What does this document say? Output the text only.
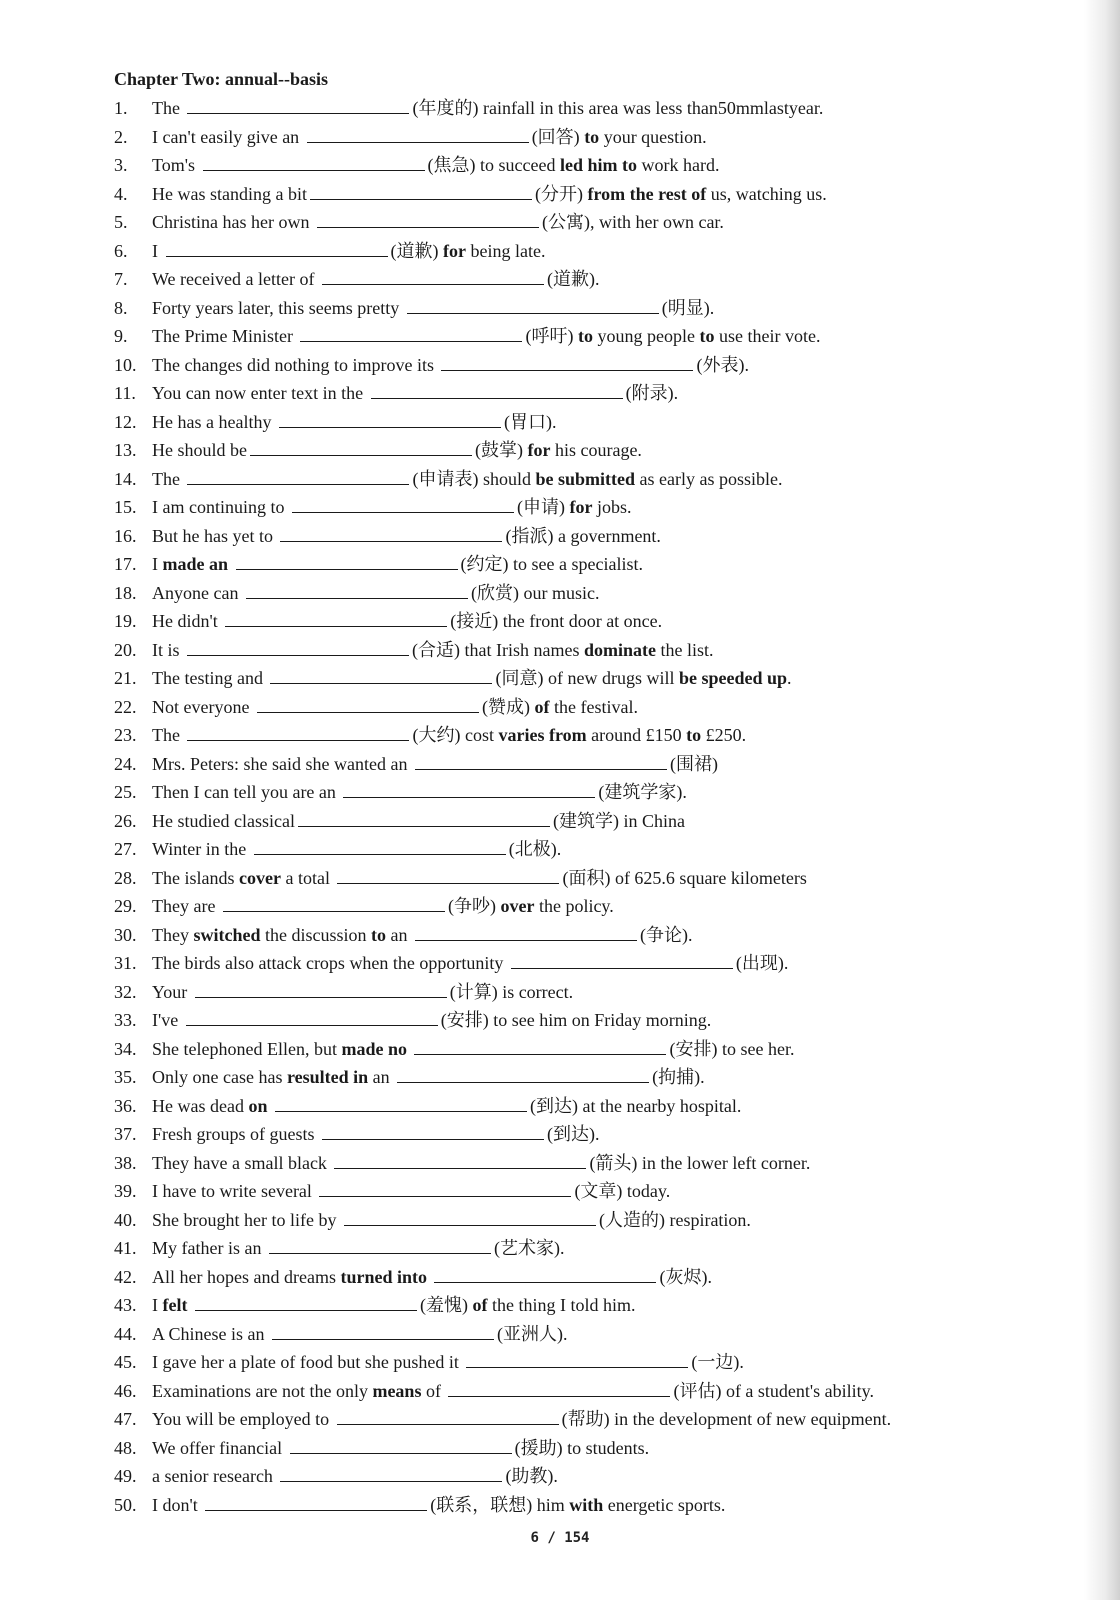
Chapter Two: annual--basis
1.	The	(年度的) rainfall in this area was less than50mmlastyear.
2.	I can't easily give an	(回答) to your question.
3.	Tom's	(焦急) to succeed led him to work hard.
4.	He was standing a bit	(分开) from the rest of us, watching us.
5.	Christina has her own	(公寓), with her own car.
6.	I	(道歉) for being late.
7.	We received a letter of	(道歉).
8.	Forty years later, this seems pretty	(明显).
9.	The Prime Minister	(呼吁) to young people to use their vote.
10. The changes did nothing to improve its	(外表).
11. You can now enter text in the	(附录).
12. He has a healthy	(胃口).
13. He should be	(鼓掌) for his courage.
14. The	(申请表) should be submitted as early as possible.
15. I am continuing to	(申请) for jobs.
16. But he has yet to	(指派) a government.
17. I made an
	(约定) to see a specialist.
18. Anyone can	(欣赏) our music.
19. He didn't	(接近) the front door at once.
20. It is	(合适) that Irish names dominate the list.
21. The testing and	(同意) of new drugs will be speeded up .
22. Not everyone	(赞成) of the festival.
23. The	(大约) cost varies from around £150 to £250.
24. Mrs. Peters: she said she wanted an	(围裙)
25. Then I can tell you are an	(建筑学家).
26. He studied classical	(建筑学) in China
27. Winter in the	(北极).
28. The islands cover a total	(面积) of 625.6 square kilometers
29. They are	(争吵) over the policy.
30. They switched the discussion to an	(争论).
31. The birds also attack crops when the opportunity	(出现).
32. Your	(计算) is correct.
33. I've	(安排) to see him on Friday morning.
34. She telephoned Ellen, but made no
	(安排) to see her.
35. Only one case has resulted in an	(拘捕).
36. He was dead on
	(到达) at the nearby hospital.
37. Fresh groups of guests	(到达).
38. They have a small black	(箭头) in the lower left corner.
39. I have to write several	(文章) today.
40. She brought her to life by	(人造的) respiration.
41. My father is an	(艺术家).
42. All her hopes and dreams turned into
	(灰烬).
43. I felt
	(羞愧) of the thing I told him.
44. A Chinese is an	(亚洲人).
45. I gave her a plate of food but she pushed it	(一边).
46. Examinations are not the only means of	(评估) of a student's ability.
47. You will be employed to	(帮助) in the development of new equipment.
48. We offer financial	(援助) to students.
49. a senior research	(助教).
50. I don't	(联系，联想) him with energetic sports.
6 / 154
